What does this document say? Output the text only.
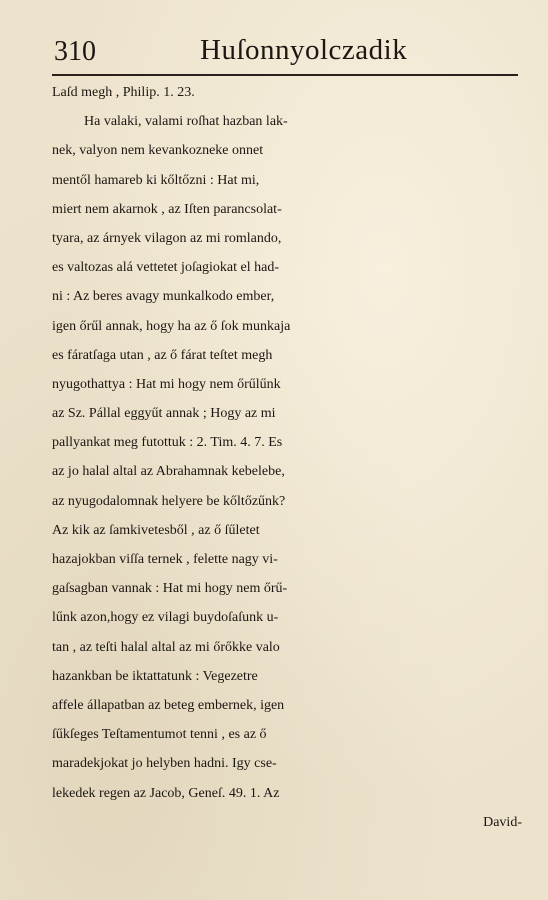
310	Huſonnyolczadik
Laſd megh , Philip. 1. 23.
Ha valaki, valami roſhat hazban lak-
nek, valyon nem kevankozneke onnet
mentől hamareb ki kőltőzni : Hat mi,
miert nem akarnok , az Iſten parancsolat-
tyara, az árnyek vilagon az mi romlando,
es valtozas alá vettetet joſagiokat el had-
ni : Az beres avagy munkalkodo ember,
igen őrűl annak, hogy ha az ő ſok munkaja
es fáratſaga utan , az ő fárat teſtet megh
nyugothattya : Hat mi hogy nem őrűlűnk
az Sz. Pállal eggyűt annak ; Hogy az mi
pallyankat meg futottuk : 2. Tim. 4. 7. Es
az jo halal altal az Abrahamnak kebelebe,
az nyugodalomnak helyere be kőltőzűnk?
Az kik az ſamkivetesből , az ő ſűletet
hazajokban viſſa ternek , felette nagy vi-
gaſsagban vannak : Hat mi hogy nem őrű-
lűnk azon,hogy ez vilagi buydoſaſunk u-
tan , az teſti halal altal az mi őrőkke valo
hazankban be iktattatunk : Vegezetre
affele állapatban az beteg embernek, igen
ſűkſeges Teſtamentumot tenni , es az ő
maradekjokat jo helyben hadni. Igy cse-
lekedek regen az Jacob, Geneſ. 49. 1. Az
David-
